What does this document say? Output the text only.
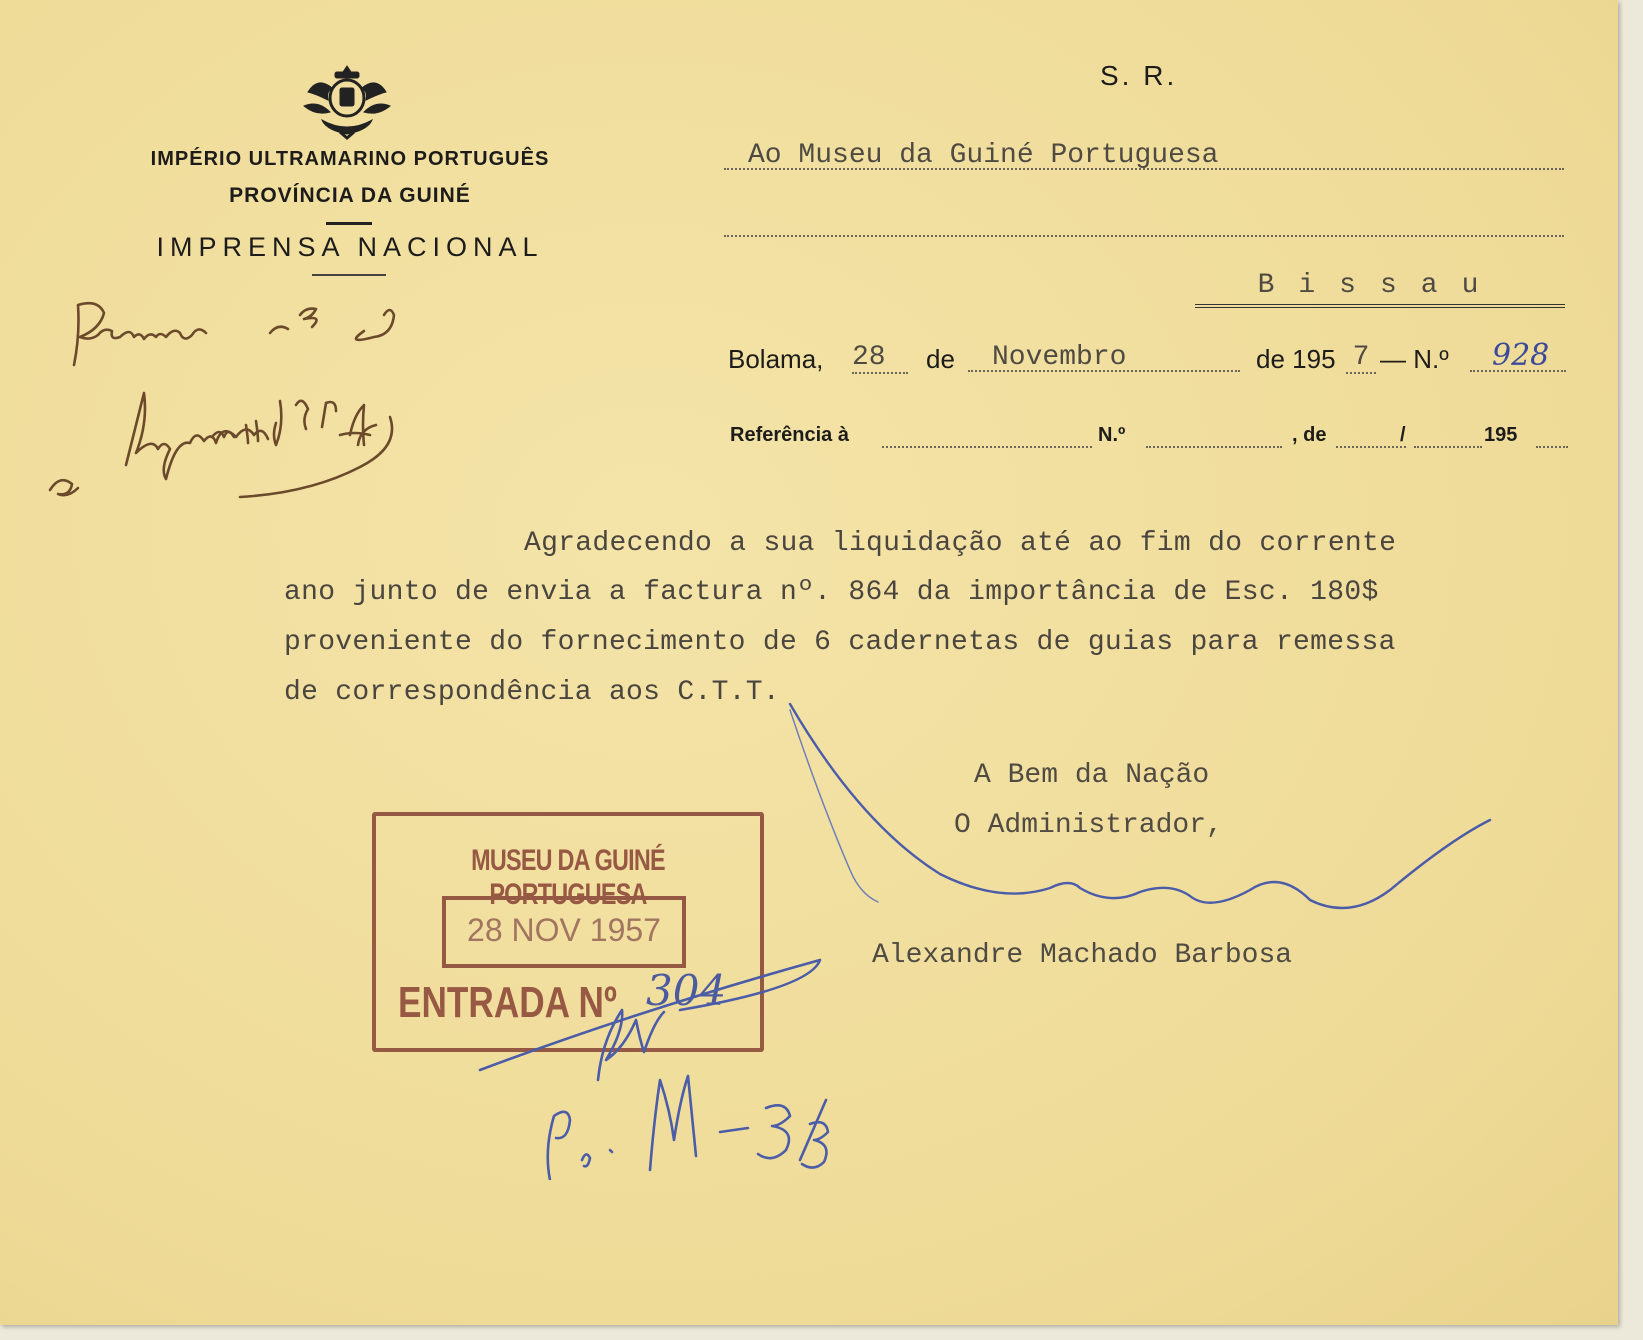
IMPÉRIO ULTRAMARINO PORTUGUÊS
PROVÍNCIA DA GUINÉ
IMPRENSA NACIONAL
S. R.
Ao Museu da Guiné Portuguesa
Bissau
Bolama, 28	de	Novembro	de 195 7 — N.º	928
Referência à	N.º	, de	/	195
Agradecendo a sua liquidação até ao fim do corrente
ano junto de envia a factura nº. 864 da importância de Esc. 180$
proveniente do fornecimento de 6 cadernetas de guias para remessa
de correspondência aos C.T.T.
A Bem da Nação
O Administrador,
Alexandre Machado Barbosa
MUSEU DA GUINÉ PORTUGUESA
28 NOV 1957
ENTRADA Nº 304
